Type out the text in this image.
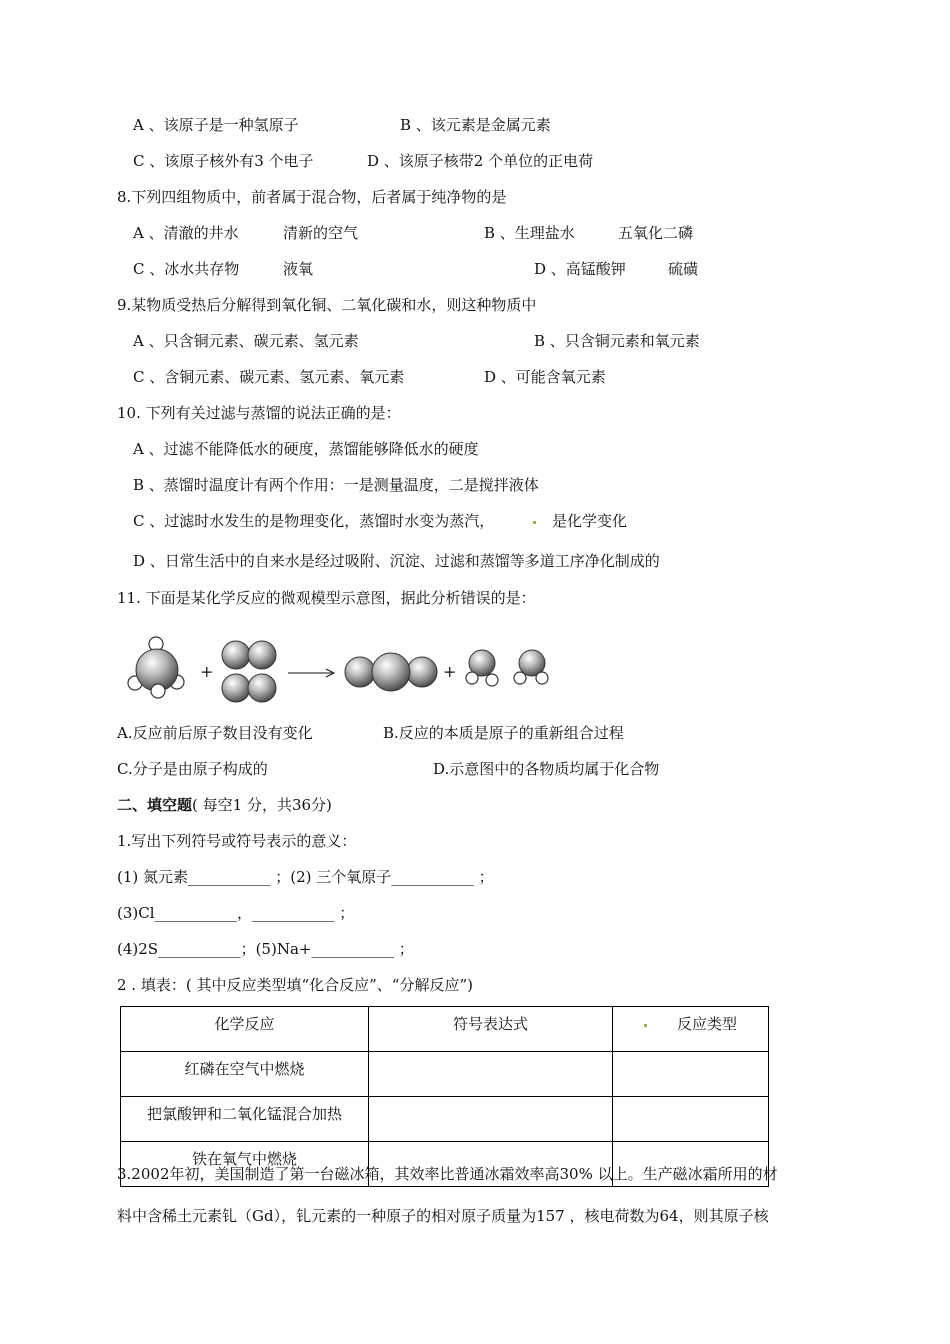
A 、该原子是一种氢原子	B 、该元素是金属元素
C 、该原子核外有3 个电子	D 、该原子核带2 个单位的正电荷
8.下列四组物质中，前者属于混合物，后者属于纯净物的是
A 、清澈的井水	清新的空气	B 、生理盐水	五氧化二磷
C 、冰水共存物	液氧	D 、高锰酸钾	硫磺
9.某物质受热后分解得到氧化铜、二氧化碳和水，则这种物质中
A 、只含铜元素、碳元素、氢元素	B 、只含铜元素和氧元素
C 、含铜元素、碳元素、氢元素、氧元素	D 、可能含氧元素
10. 下列有关过滤与蒸馏的说法正确的是：
A 、过滤不能降低水的硬度，蒸馏能够降低水的硬度
B 、蒸馏时温度计有两个作用：一是测量温度，二是搅拌液体
C 、过滤时水发生的是物理变化，蒸馏时水变为蒸汽，	是化学变化
D 、日常生活中的自来水是经过吸附、沉淀、过滤和蒸馏等多道工序净化制成的
11. 下面是某化学反应的微观模型示意图，据此分析错误的是：
+	+
A.反应前后原子数目没有变化	B.反应的本质是原子的重新组合过程
C.分子是由原子构成的	D.示意图中的各物质均属于化合物
二、填空题( 每空1 分，共36分)
1.写出下列符号或符号表示的意义：
(1) 氮元素___________ ；(2) 三个氧原子___________ ；
(3)Cl___________，___________ ；
(4)2S___________；(5)Na+___________ ；
2 . 填表：( 其中反应类型填“化合反应”、“分解反应”)
化学反应	符号表达式	反应类型
红磷在空气中燃烧		
把氯酸钾和二氧化锰混合加热		
铁在氧气中燃烧		
3.2002年初，美国制造了第一台磁冰箱，其效率比普通冰霜效率高30% 以上。生产磁冰霜所用的材
料中含稀土元素钆（Gd），钆元素的一种原子的相对原子质量为157 ，核电荷数为64，则其原子核
